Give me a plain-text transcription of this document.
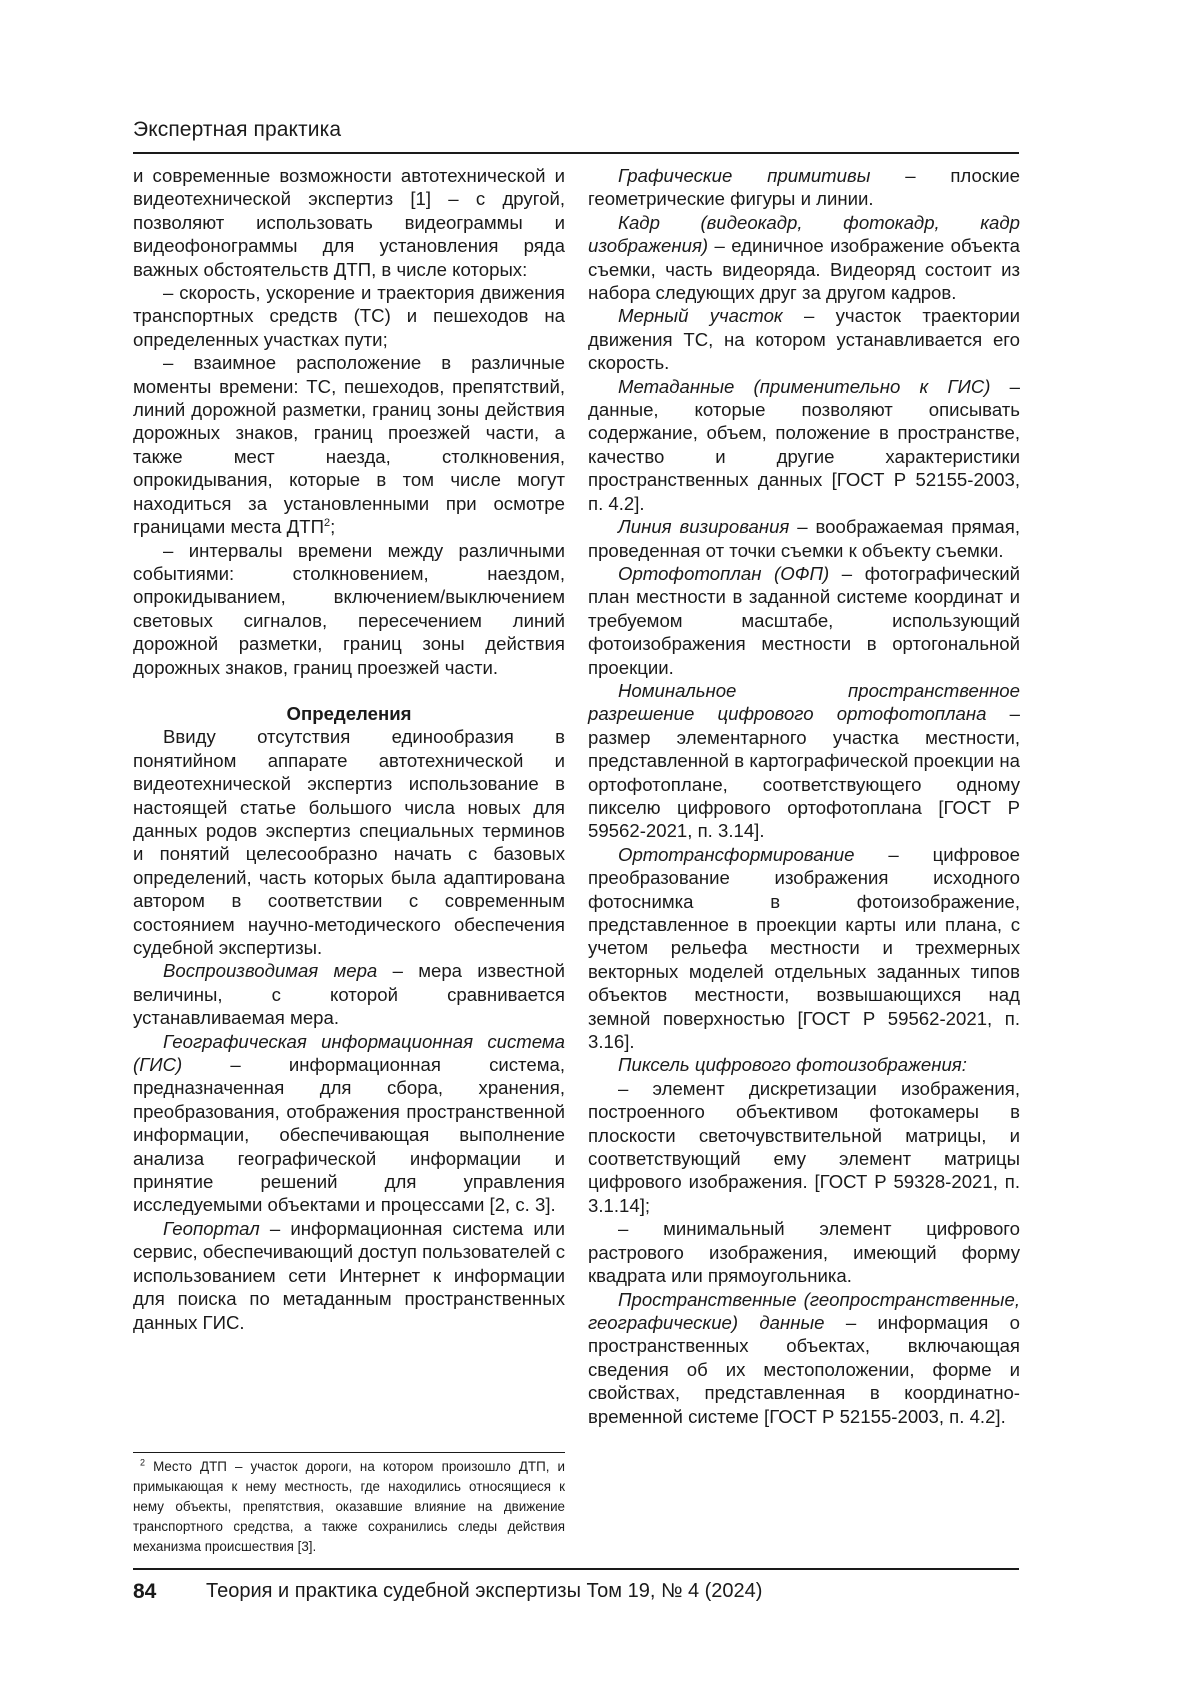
Экспертная практика

и современные возможности автотехнической и видеотехнической экспертиз [1] – с другой, позволяют использовать видеограммы и видеофонограммы для установления ряда важных обстоятельств ДТП, в числе которых:

– скорость, ускорение и траектория движения транспортных средств (ТС) и пешеходов на определенных участках пути;

– взаимное расположение в различные моменты времени: ТС, пешеходов, препятствий, линий дорожной разметки, границ зоны действия дорожных знаков, границ проезжей части, а также мест наезда, столкновения, опрокидывания, которые в том числе могут находиться за установленными при осмотре границами места ДТП$^2$;

– интервалы времени между различными событиями: столкновением, наездом, опрокидыванием, включением/выключением световых сигналов, пересечением линий дорожной разметки, границ зоны действия дорожных знаков, границ проезжей части.

Определения

Ввиду отсутствия единообразия в понятийном аппарате автотехнической и видеотехнической экспертиз использование в настоящей статье большого числа новых для данных родов экспертиз специальных терминов и понятий целесообразно начать с базовых определений, часть которых была адаптирована автором в соответствии с современным состоянием научно-методического обеспечения судебной экспертизы.

Воспроизводимая мера – мера известной величины, с которой сравнивается устанавливаемая мера.

Географическая информационная система (ГИС) – информационная система, предназначенная для сбора, хранения, преобразования, отображения пространственной информации, обеспечивающая выполнение анализа географической информации и принятие решений для управления исследуемыми объектами и процессами [2, с. 3].

Геопортал – информационная система или сервис, обеспечивающий доступ пользователей с использованием сети Интернет к информации для поиска по метаданным пространственных данных ГИС.

$^2$ Место ДТП – участок дороги, на котором произошло ДТП, и примыкающая к нему местность, где находились относящиеся к нему объекты, препятствия, оказавшие влияние на движение транспортного средства, а также сохранились следы действия механизма происшествия [3].

Графические примитивы – плоские геометрические фигуры и линии.

Кадр (видеокадр, фотокадр, кадр изображения) – единичное изображение объекта съемки, часть видеоряда. Видеоряд состоит из набора следующих друг за другом кадров.

Мерный участок – участок траектории движения ТС, на котором устанавливается его скорость.

Метаданные (применительно к ГИС) – данные, которые позволяют описывать содержание, объем, положение в пространстве, качество и другие характеристики пространственных данных [ГОСТ Р 52155-2003, п. 4.2].

Линия визирования – воображаемая прямая, проведенная от точки съемки к объекту съемки.

Ортофотоплан (ОФП) – фотографический план местности в заданной системе координат и требуемом масштабе, использующий фотоизображения местности в ортогональной проекции.

Номинальное пространственное разрешение цифрового ортофотоплана – размер элементарного участка местности, представленной в картографической проекции на ортофотоплане, соответствующего одному пикселю цифрового ортофотоплана [ГОСТ Р 59562-2021, п. 3.14].

Ортотрансформирование – цифровое преобразование изображения исходного фотоснимка в фотоизображение, представленное в проекции карты или плана, с учетом рельефа местности и трехмерных векторных моделей отдельных заданных типов объектов местности, возвышающихся над земной поверхностью [ГОСТ Р 59562-2021, п. 3.16].

Пиксель цифрового фотоизображения:

– элемент дискретизации изображения, построенного объективом фотокамеры в плоскости светочувствительной матрицы, и соответствующий ему элемент матрицы цифрового изображения. [ГОСТ Р 59328-2021, п. 3.1.14];

– минимальный элемент цифрового растрового изображения, имеющий форму квадрата или прямоугольника.

Пространственные (геопространственные, географические) данные – информация о пространственных объектах, включающая сведения об их местоположении, форме и свойствах, представленная в координатно-временной системе [ГОСТ Р 52155-2003, п. 4.2].

84 Теория и практика судебной экспертизы Том 19, № 4 (2024)
